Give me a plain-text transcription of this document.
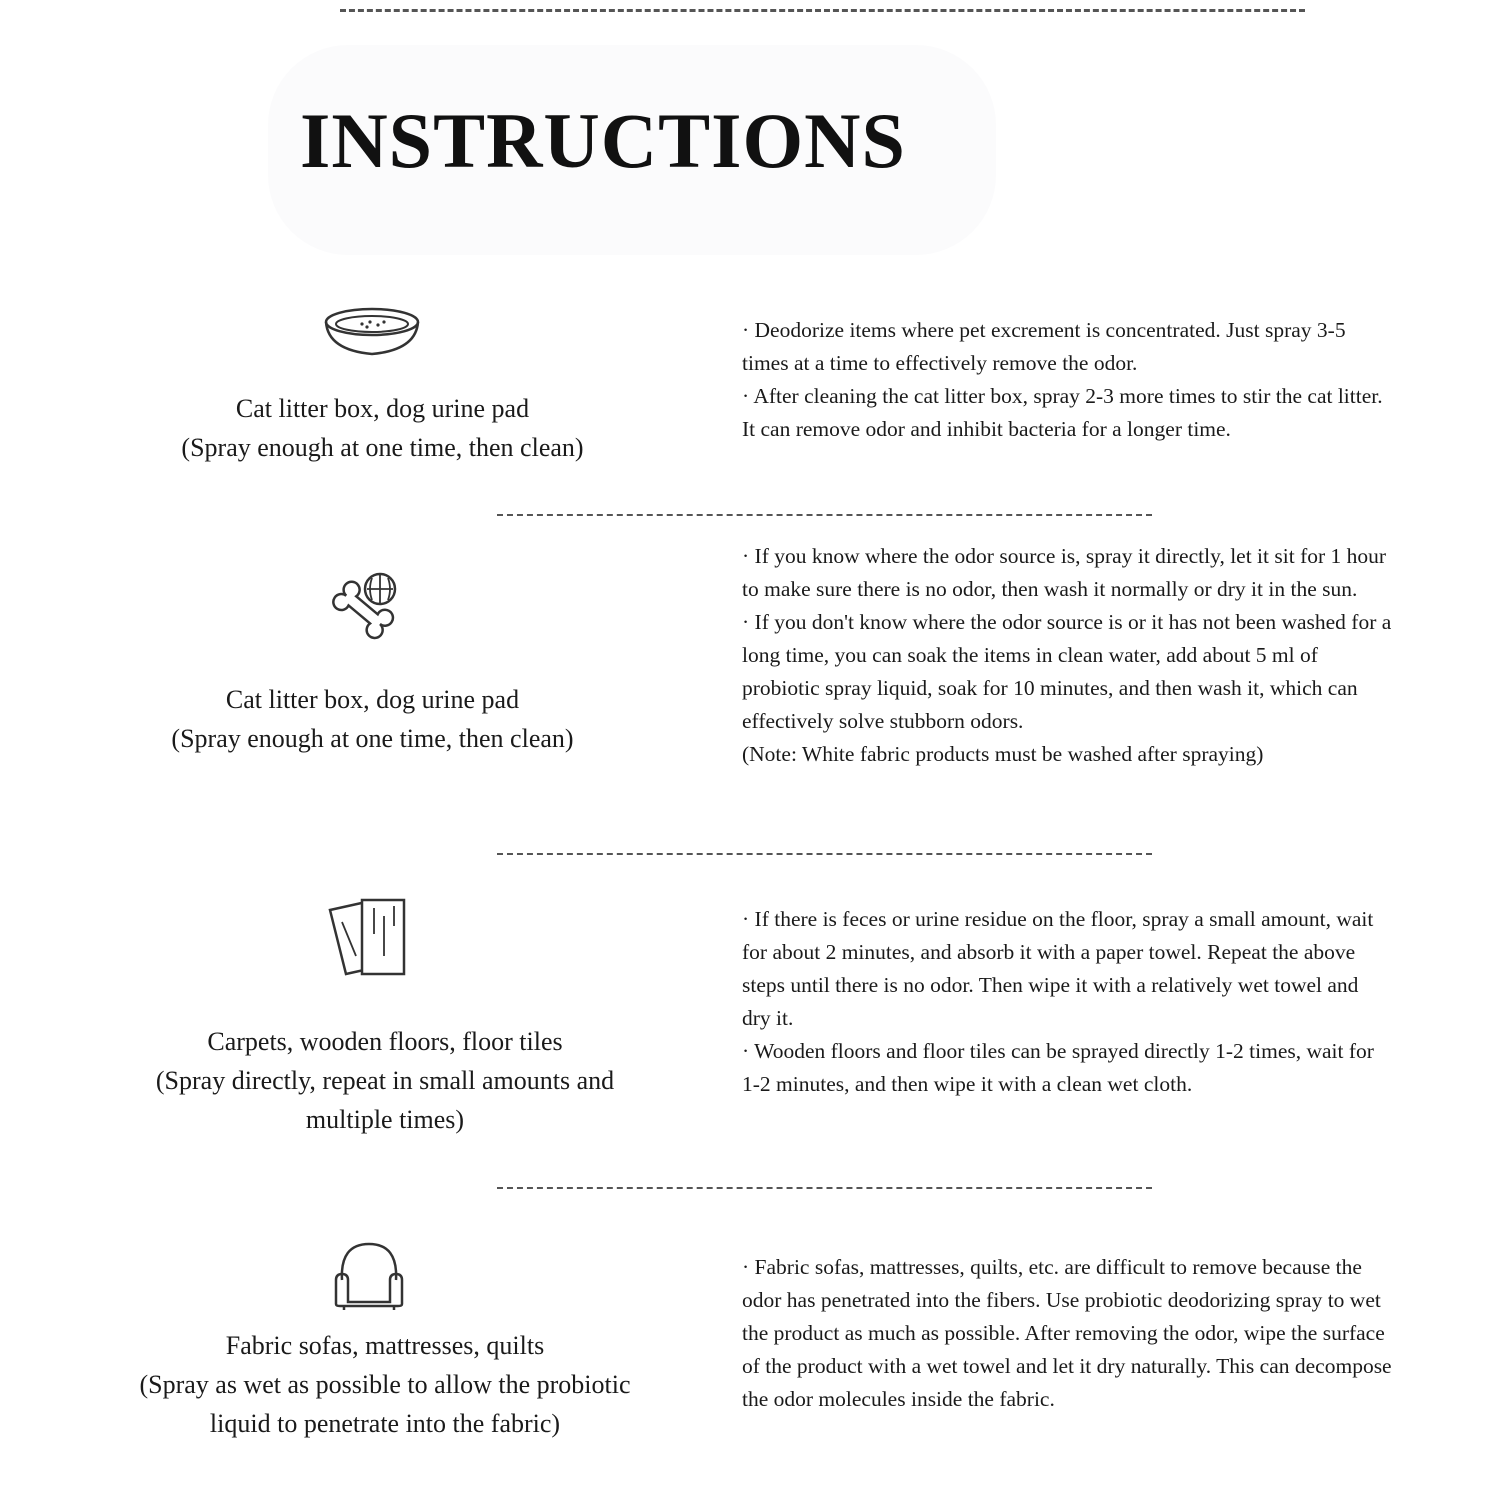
INSTRUCTIONS
Cat litter box, dog urine pad
(Spray enough at one time, then clean)

· Deodorize items where pet excrement is concentrated. Just spray 3-5 times at a time to effectively remove the odor.

· After cleaning the cat litter box, spray 2-3 more times to stir the cat litter. It can remove odor and inhibit bacteria for a longer time.

Cat litter box, dog urine pad
(Spray enough at one time, then clean)

· If you know where the odor source is, spray it directly, let it sit for 1 hour to make sure there is no odor, then wash it normally or dry it in the sun.

· If you don't know where the odor source is or it has not been washed for a long time, you can soak the items in clean water, add about 5 ml of probiotic spray liquid, soak for 10 minutes, and then wash it, which can effectively solve stubborn odors.

(Note: White fabric products must be washed after spraying)

Carpets, wooden floors, floor tiles
(Spray directly, repeat in small amounts and
multiple times)

· If there is feces or urine residue on the floor, spray a small amount, wait for about 2 minutes, and absorb it with a paper towel. Repeat the above steps until there is no odor. Then wipe it with a relatively wet towel and dry it.

· Wooden floors and floor tiles can be sprayed directly 1-2 times, wait for 1-2 minutes, and then wipe it with a clean wet cloth.

Fabric sofas, mattresses, quilts
(Spray as wet as possible to allow the probiotic
liquid to penetrate into the fabric)

· Fabric sofas, mattresses, quilts, etc. are difficult to remove because the odor has penetrated into the fibers. Use probiotic deodorizing spray to wet the product as much as possible. After removing the odor, wipe the surface of the product with a wet towel and let it dry naturally. This can decompose the odor molecules inside the fabric.
